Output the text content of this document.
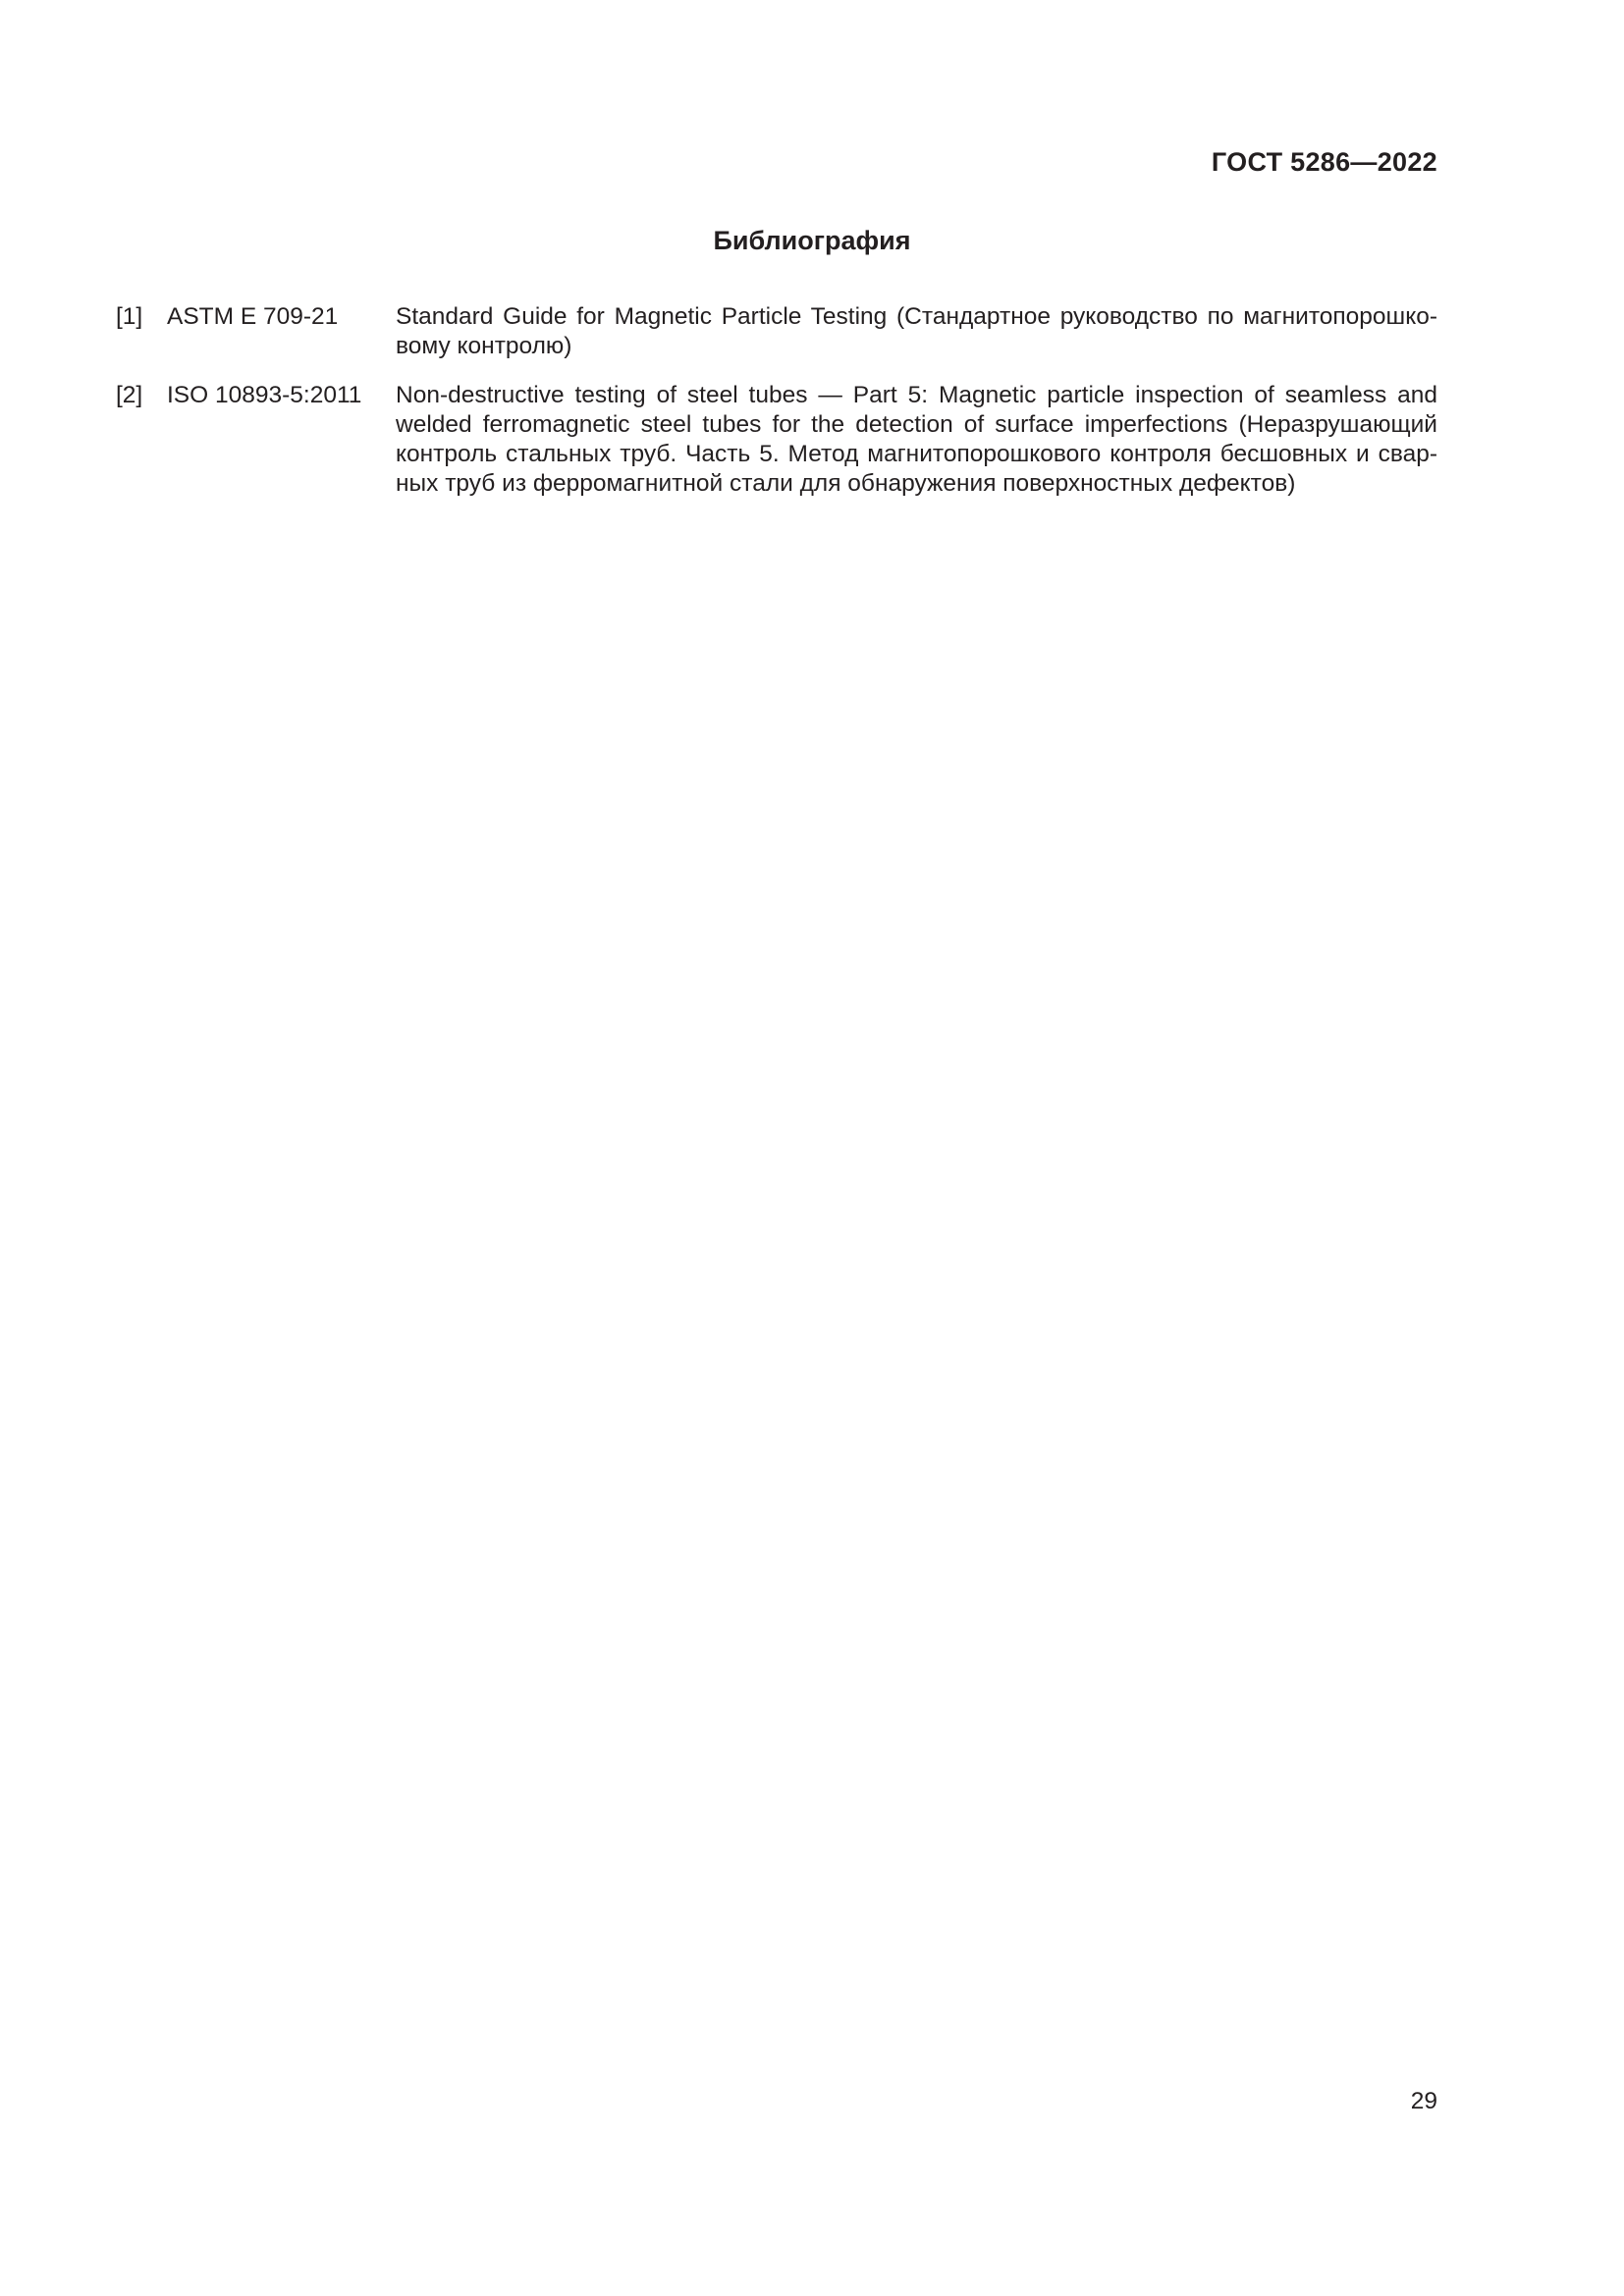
ГОСТ 5286—2022
Библиография
[1]	ASTM E 709-21	Standard Guide for Magnetic Particle Testing (Стандартное руководство по магнитопорошковому контролю)
[2]	ISO 10893-5:2011	Non-destructive testing of steel tubes — Part 5: Magnetic particle inspection of seamless and welded ferromagnetic steel tubes for the detection of surface imperfections (Неразрушающий контроль стальных труб. Часть 5. Метод магнитопорошкового контроля бесшовных и сварных труб из ферромагнитной стали для обнаружения поверхностных дефектов)
29
